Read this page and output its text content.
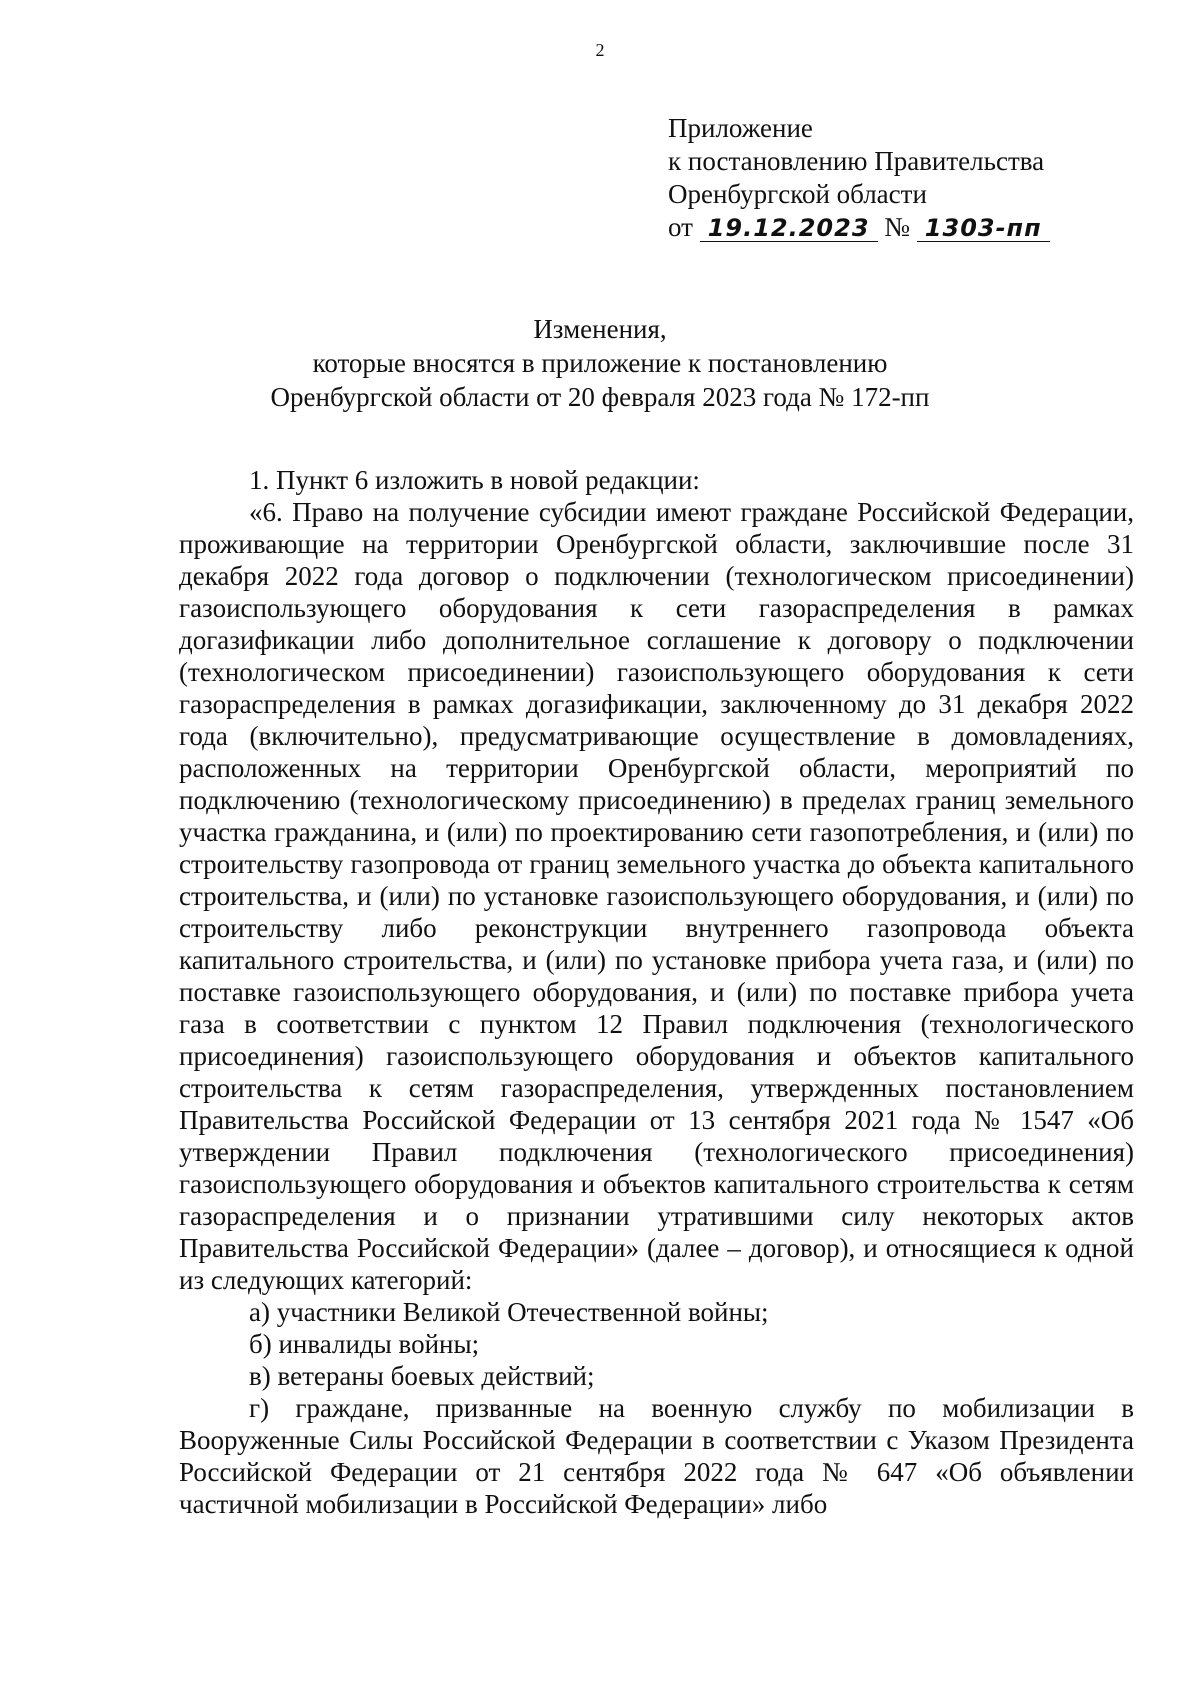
2
Приложение
к постановлению Правительства
Оренбургской области
от 19.12.2023 № 1303-пп
Изменения,
которые вносятся в приложение к постановлению
Оренбургской области от 20 февраля 2023 года № 172-пп

1. Пункт 6 изложить в новой редакции:

«6. Право на получение субсидии имеют граждане Российской Федерации, проживающие на территории Оренбургской области, заключившие после 31 декабря 2022 года договор о подключении (технологическом присоединении) газоиспользующего оборудования к сети газораспределения в рамках догазификации либо дополнительное соглашение к договору о подключении (технологическом присоединении) газоиспользующего оборудования к сети газораспределения в рамках догазификации, заключенному до 31 декабря 2022 года (включительно), предусматривающие осуществление в домовладениях, расположенных на территории Оренбургской области, мероприятий по подключению (технологическому присоединению) в пределах границ земельного участка гражданина, и (или) по проектированию сети газопотребления, и (или) по строительству газопровода от границ земельного участка до объекта капитального строительства, и (или) по установке газоиспользующего оборудования, и (или) по строительству либо реконструкции внутреннего газопровода объекта капитального строительства, и (или) по установке прибора учета газа, и (или) по поставке газоиспользующего оборудования, и (или) по поставке прибора учета газа в соответствии с пунктом 12 Правил подключения (технологического присоединения) газоиспользующего оборудования и объектов капитального строительства к сетям газораспределения, утвержденных постановлением Правительства Российской Федерации от 13 сентября 2021 года № 1547 «Об утверждении Правил подключения (технологического присоединения) газоиспользующего оборудования и объектов капитального строительства к сетям газораспределения и о признании утратившими силу некоторых актов Правительства Российской Федерации» (далее – договор), и относящиеся к одной из следующих категорий:

а) участники Великой Отечественной войны;

б) инвалиды войны;

в) ветераны боевых действий;

г) граждане, призванные на военную службу по мобилизации в Вооруженные Силы Российской Федерации в соответствии с Указом Президента Российской Федерации от 21 сентября 2022 года № 647 «Об объявлении частичной мобилизации в Российской Федерации» либо
